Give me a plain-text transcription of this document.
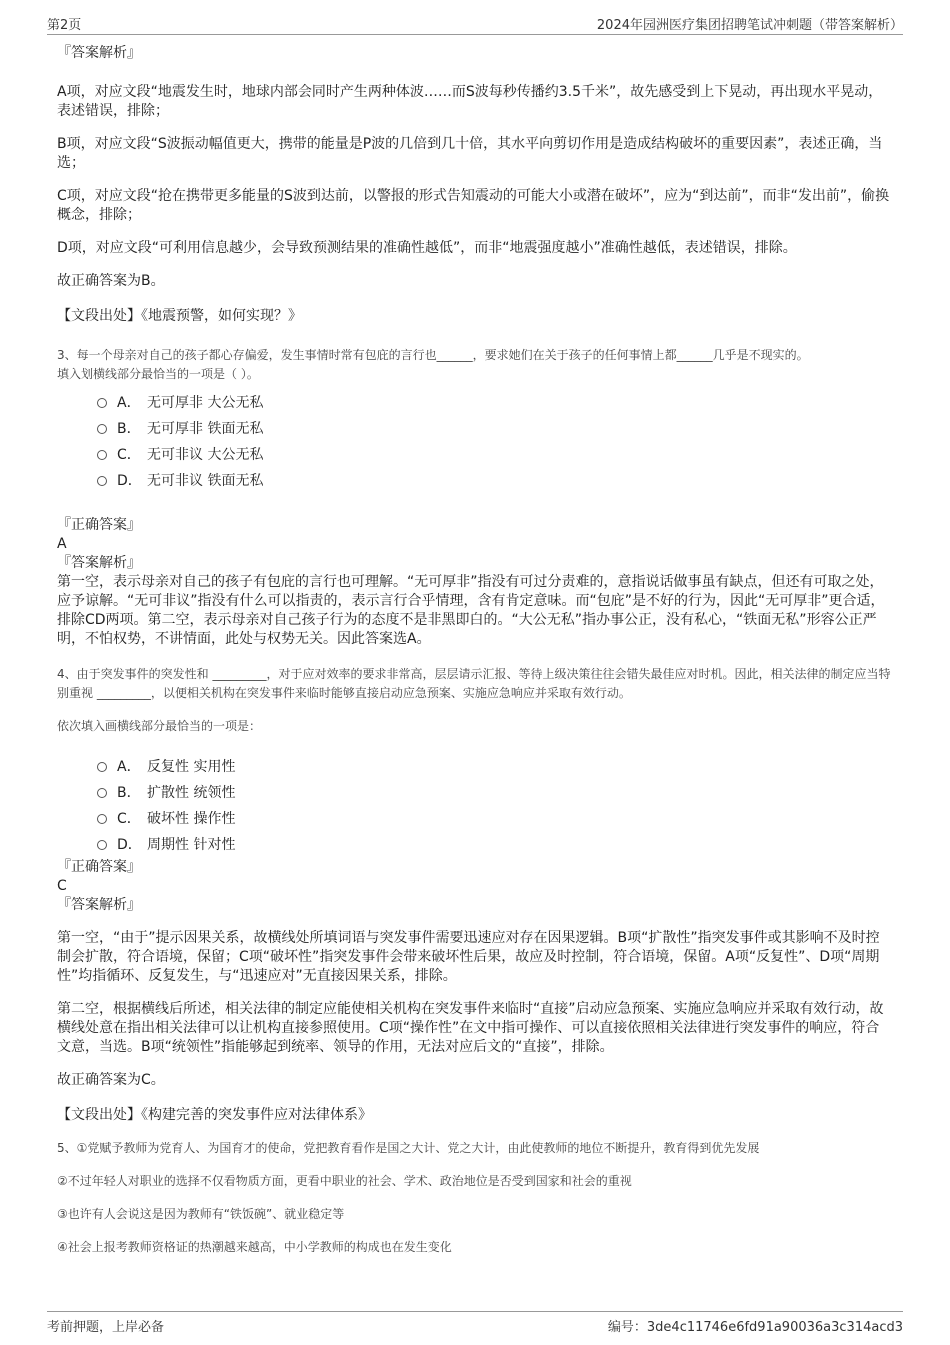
第2页	2024年园洲医疗集团招聘笔试冲刺题（带答案解析）

『答案解析』

A项，对应文段“地震发生时，地球内部会同时产生两种体波……而S波每秒传播约3.5千米”，故先感受到上下晃动，再出现水平晃动，表述错误，排除；

B项，对应文段“S波振动幅值更大，携带的能量是P波的几倍到几十倍，其水平向剪切作用是造成结构破坏的重要因素”，表述正确，当选；

C项，对应文段“抢在携带更多能量的S波到达前，以警报的形式告知震动的可能大小或潜在破坏”，应为“到达前”，而非“发出前”，偷换概念，排除；

D项，对应文段“可利用信息越少，会导致预测结果的准确性越低”，而非“地震强度越小”准确性越低，表述错误，排除。

故正确答案为B。

【文段出处】《地震预警，如何实现？》

3、每一个母亲对自己的孩子都心存偏爱，发生事情时常有包庇的言行也______，要求她们在关于孩子的任何事情上都______几乎是不现实的。

填入划横线部分最恰当的一项是（ ）。

A． 无可厚非 大公无私
B． 无可厚非 铁面无私
C． 无可非议 大公无私
D． 无可非议 铁面无私

『正确答案』

A

『答案解析』

第一空，表示母亲对自己的孩子有包庇的言行也可理解。“无可厚非”指没有可过分责难的，意指说话做事虽有缺点，但还有可取之处，应予谅解。“无可非议”指没有什么可以指责的，表示言行合乎情理，含有肯定意味。而“包庇”是不好的行为，因此“无可厚非”更合适，排除CD两项。第二空，表示母亲对自己孩子行为的态度不是非黑即白的。“大公无私”指办事公正，没有私心，“铁面无私”形容公正严明，不怕权势，不讲情面，此处与权势无关。因此答案选A。

4、由于突发事件的突发性和 _________，对于应对效率的要求非常高，层层请示汇报、等待上级决策往往会错失最佳应对时机。因此，相关法律的制定应当特别重视 _________，以便相关机构在突发事件来临时能够直接启动应急预案、实施应急响应并采取有效行动。

依次填入画横线部分最恰当的一项是：

A． 反复性 实用性
B． 扩散性 统领性
C． 破坏性 操作性
D． 周期性 针对性

『正确答案』

C

『答案解析』

第一空，“由于”提示因果关系，故横线处所填词语与突发事件需要迅速应对存在因果逻辑。B项“扩散性”指突发事件或其影响不及时控制会扩散，符合语境，保留；C项“破坏性”指突发事件会带来破坏性后果，故应及时控制，符合语境，保留。A项“反复性”、D项“周期性”均指循环、反复发生，与“迅速应对”无直接因果关系，排除。

第二空，根据横线后所述，相关法律的制定应能使相关机构在突发事件来临时“直接”启动应急预案、实施应急响应并采取有效行动，故横线处意在指出相关法律可以让机构直接参照使用。C项“操作性”在文中指可操作、可以直接依照相关法律进行突发事件的响应，符合文意，当选。B项“统领性”指能够起到统率、领导的作用，无法对应后文的“直接”，排除。

故正确答案为C。

【文段出处】《构建完善的突发事件应对法律体系》

5、①党赋予教师为党育人、为国育才的使命，党把教育看作是国之大计、党之大计，由此使教师的地位不断提升，教育得到优先发展

②不过年轻人对职业的选择不仅看物质方面，更看中职业的社会、学术、政治地位是否受到国家和社会的重视

③也许有人会说这是因为教师有“铁饭碗”、就业稳定等

④社会上报考教师资格证的热潮越来越高，中小学教师的构成也在发生变化

考前押题，上岸必备	编号：3de4c11746e6fd91a90036a3c314acd3
